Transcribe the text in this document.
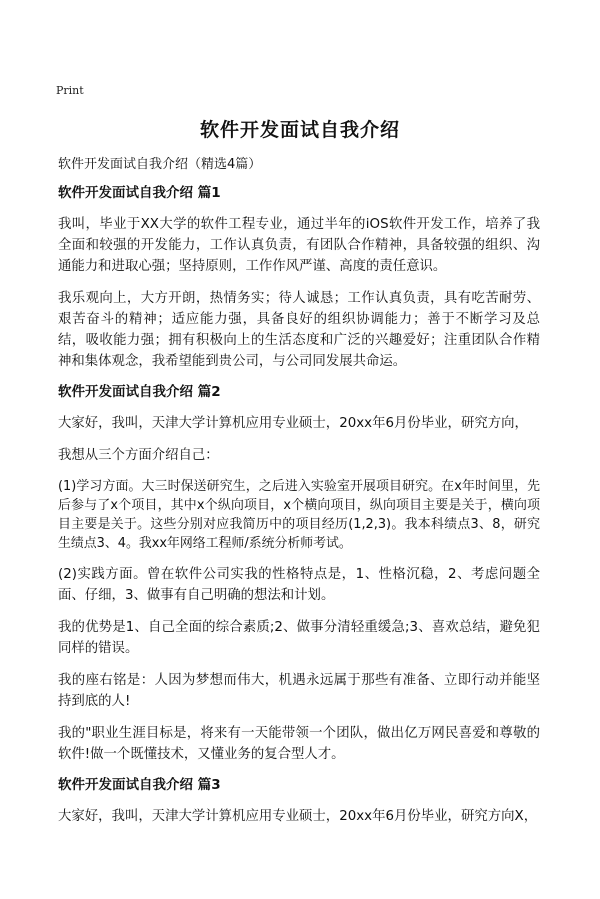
Print
软件开发面试自我介绍
软件开发面试自我介绍（精选4篇）
软件开发面试自我介绍 篇1

我叫，毕业于XX大学的软件工程专业，通过半年的iOS软件开发工作，培养了我全面和较强的开发能力，工作认真负责，有团队合作精神，具备较强的组织、沟通能力和进取心强；坚持原则，工作作风严谨、高度的责任意识。

我乐观向上，大方开朗，热情务实；待人诚恳；工作认真负责，具有吃苦耐劳、艰苦奋斗的精神；适应能力强，具备良好的组织协调能力；善于不断学习及总结，吸收能力强；拥有积极向上的生活态度和广泛的兴趣爱好；注重团队合作精神和集体观念，我希望能到贵公司，与公司同发展共命运。

软件开发面试自我介绍 篇2

大家好，我叫，天津大学计算机应用专业硕士，20xx年6月份毕业，研究方向，

我想从三个方面介绍自己：

(1)学习方面。大三时保送研究生，之后进入实验室开展项目研究。在x年时间里，先后参与了x个项目，其中x个纵向项目，x个横向项目，纵向项目主要是关于，横向项目主要是关于。这些分别对应我简历中的项目经历(1,2,3)。我本科绩点3、8，研究生绩点3、4。我xx年网络工程师/系统分析师考试。

(2)实践方面。曾在软件公司实我的性格特点是，1、性格沉稳，2、考虑问题全面、仔细，3、做事有自己明确的想法和计划。

我的优势是1、自己全面的综合素质;2、做事分清轻重缓急;3、喜欢总结，避免犯同样的错误。

我的座右铭是：人因为梦想而伟大，机遇永远属于那些有准备、立即行动并能坚持到底的人!

我的"职业生涯目标是，将来有一天能带领一个团队，做出亿万网民喜爱和尊敬的软件!做一个既懂技术，又懂业务的复合型人才。

软件开发面试自我介绍 篇3

大家好，我叫，天津大学计算机应用专业硕士，20xx年6月份毕业，研究方向X，
